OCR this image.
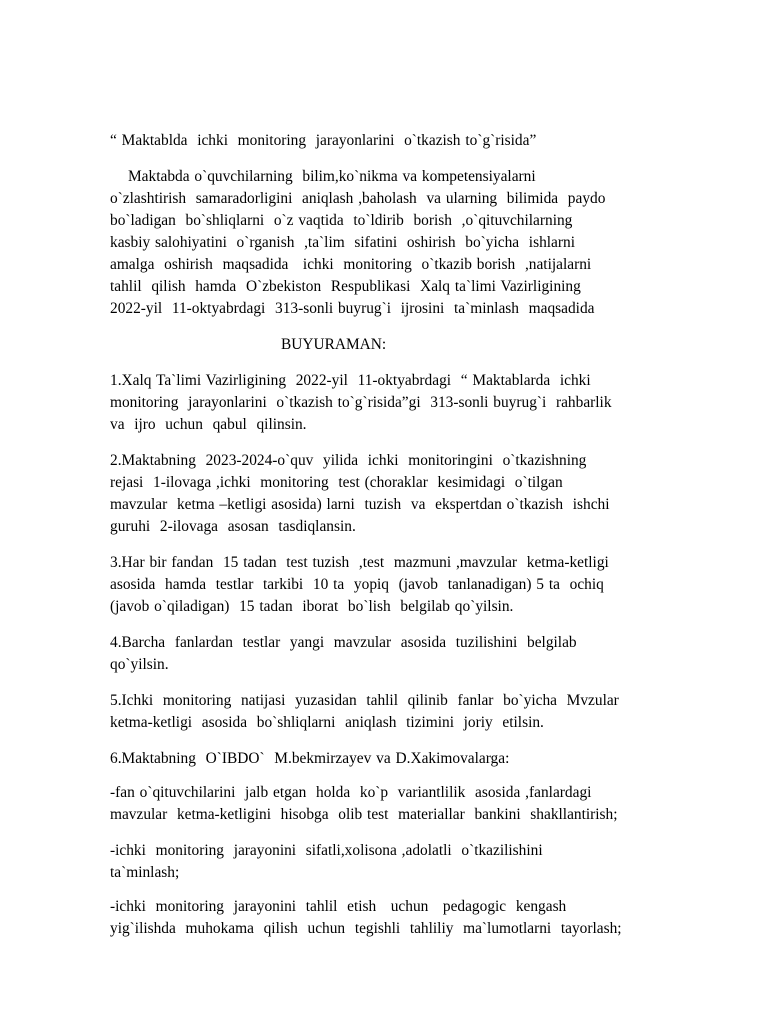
“ Maktablda  ichki  monitoring  jarayonlarini  o`tkazish to`g`risida”
Maktabda o`quvchilarning  bilim,ko`nikma va kompetensiyalarni
o`zlashtirish  samaradorligini  aniqlash ,baholash  va ularning  bilimida  paydo
bo`ladigan  bo`shliqlarni  o`z vaqtida  to`ldirib  borish  ,o`qituvchilarning
kasbiy salohiyatini  o`rganish  ,ta`lim  sifatini  oshirish  bo`yicha  ishlarni
amalga  oshirish  maqsadida   ichki  monitoring  o`tkazib borish  ,natijalarni
tahlil  qilish  hamda  O`zbekiston  Respublikasi  Xalq ta`limi Vazirligining
2022-yil  11-oktyabrdagi  313-sonli buyrug`i  ijrosini  ta`minlash  maqsadida
BUYURAMAN:
1.Xalq Ta`limi Vazirligining  2022-yil  11-oktyabrdagi  “ Maktablarda  ichki
monitoring  jarayonlarini  o`tkazish to`g`risida”gi  313-sonli buyrug`i  rahbarlik
va  ijro  uchun  qabul  qilinsin.
2.Maktabning  2023-2024-o`quv  yilida  ichki  monitoringini  o`tkazishning
rejasi  1-ilovaga ,ichki  monitoring  test (choraklar  kesimidagi  o`tilgan
mavzular  ketma –ketligi asosida) larni  tuzish  va  ekspertdan o`tkazish  ishchi
guruhi  2-ilovaga  asosan  tasdiqlansin.
3.Har bir fandan  15 tadan  test tuzish  ,test  mazmuni ,mavzular  ketma-ketligi
asosida  hamda  testlar  tarkibi  10 ta  yopiq  (javob  tanlanadigan) 5 ta  ochiq
(javob o`qiladigan)  15 tadan  iborat  bo`lish  belgilab qo`yilsin.
4.Barcha  fanlardan  testlar  yangi  mavzular  asosida  tuzilishini  belgilab
qo`yilsin.
5.Ichki  monitoring  natijasi  yuzasidan  tahlil  qilinib  fanlar  bo`yicha  Mvzular
ketma-ketligi  asosida  bo`shliqlarni  aniqlash  tizimini  joriy  etilsin.
6.Maktabning  O`IBDO`  M.bekmirzayev va D.Xakimovalarga:
-fan o`qituvchilarini  jalb etgan  holda  ko`p  variantlilik  asosida ,fanlardagi
mavzular  ketma-ketligini  hisobga  olib test  materiallar  bankini  shakllantirish;
-ichki  monitoring  jarayonini  sifatli,xolisona ,adolatli  o`tkazilishini
ta`minlash;
-ichki  monitoring  jarayonini  tahlil  etish   uchun   pedagogic  kengash
yig`ilishda  muhokama  qilish  uchun  tegishli  tahliliy  ma`lumotlarni  tayorlash;
